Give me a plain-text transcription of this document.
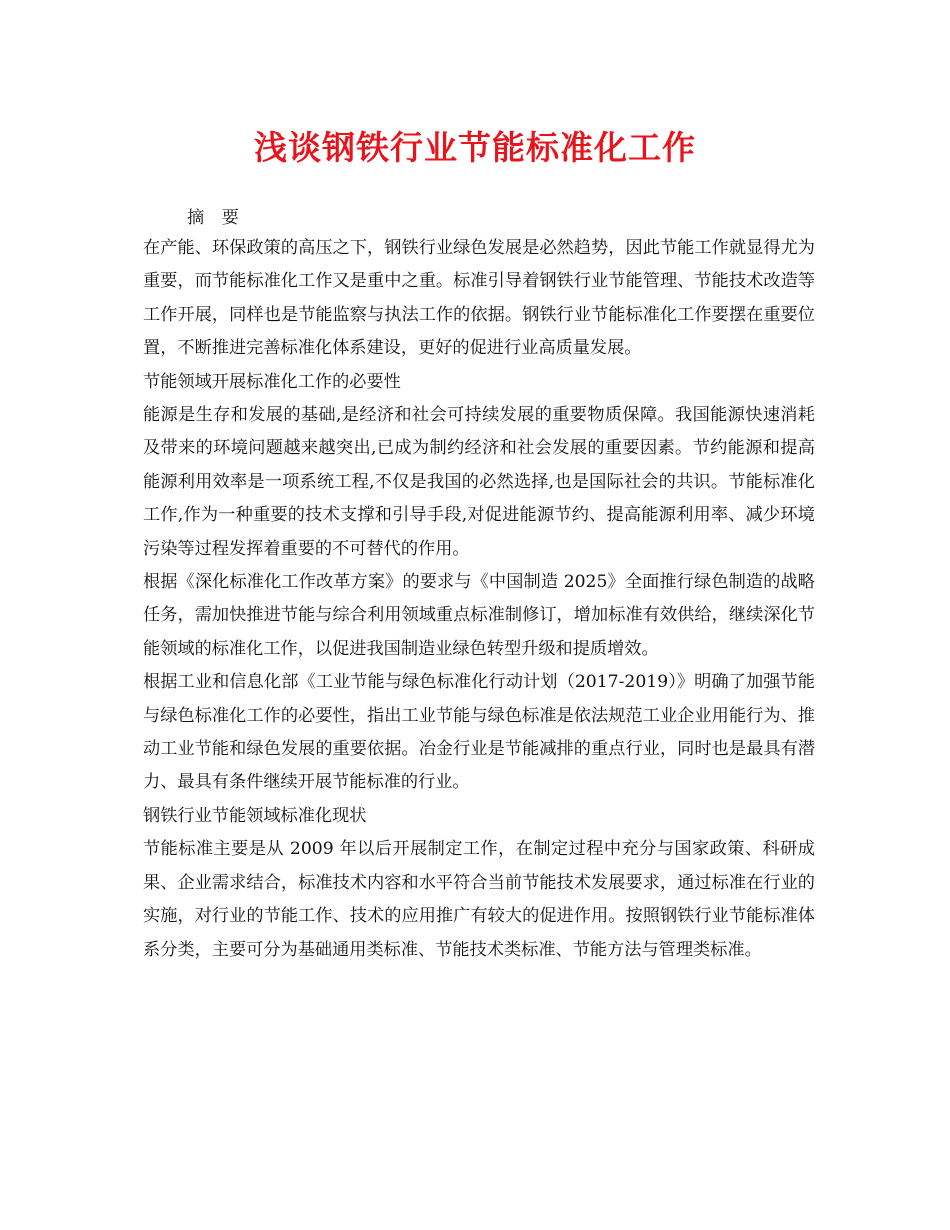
浅谈钢铁行业节能标准化工作
摘 要

在产能、环保政策的高压之下，钢铁行业绿色发展是必然趋势，因此节能工作就显得尤为重要，而节能标准化工作又是重中之重。标准引导着钢铁行业节能管理、节能技术改造等工作开展，同样也是节能监察与执法工作的依据。钢铁行业节能标准化工作要摆在重要位置，不断推进完善标准化体系建设，更好的促进行业高质量发展。

节能领域开展标准化工作的必要性

能源是生存和发展的基础,是经济和社会可持续发展的重要物质保障。我国能源快速消耗及带来的环境问题越来越突出,已成为制约经济和社会发展的重要因素。节约能源和提高能源利用效率是一项系统工程,不仅是我国的必然选择,也是国际社会的共识。节能标准化工作,作为一种重要的技术支撑和引导手段,对促进能源节约、提高能源利用率、减少环境污染等过程发挥着重要的不可替代的作用。

根据《深化标准化工作改革方案》的要求与《中国制造 2025》全面推行绿色制造的战略任务，需加快推进节能与综合利用领域重点标准制修订，增加标准有效供给，继续深化节能领域的标准化工作，以促进我国制造业绿色转型升级和提质增效。

根据工业和信息化部《工业节能与绿色标准化行动计划（2017-2019）》明确了加强节能与绿色标准化工作的必要性，指出工业节能与绿色标准是依法规范工业企业用能行为、推动工业节能和绿色发展的重要依据。冶金行业是节能减排的重点行业，同时也是最具有潜力、最具有条件继续开展节能标准的行业。

钢铁行业节能领域标准化现状

节能标准主要是从 2009 年以后开展制定工作，在制定过程中充分与国家政策、科研成果、企业需求结合，标准技术内容和水平符合当前节能技术发展要求，通过标准在行业的实施，对行业的节能工作、技术的应用推广有较大的促进作用。按照钢铁行业节能标准体系分类，主要可分为基础通用类标准、节能技术类标准、节能方法与管理类标准。
